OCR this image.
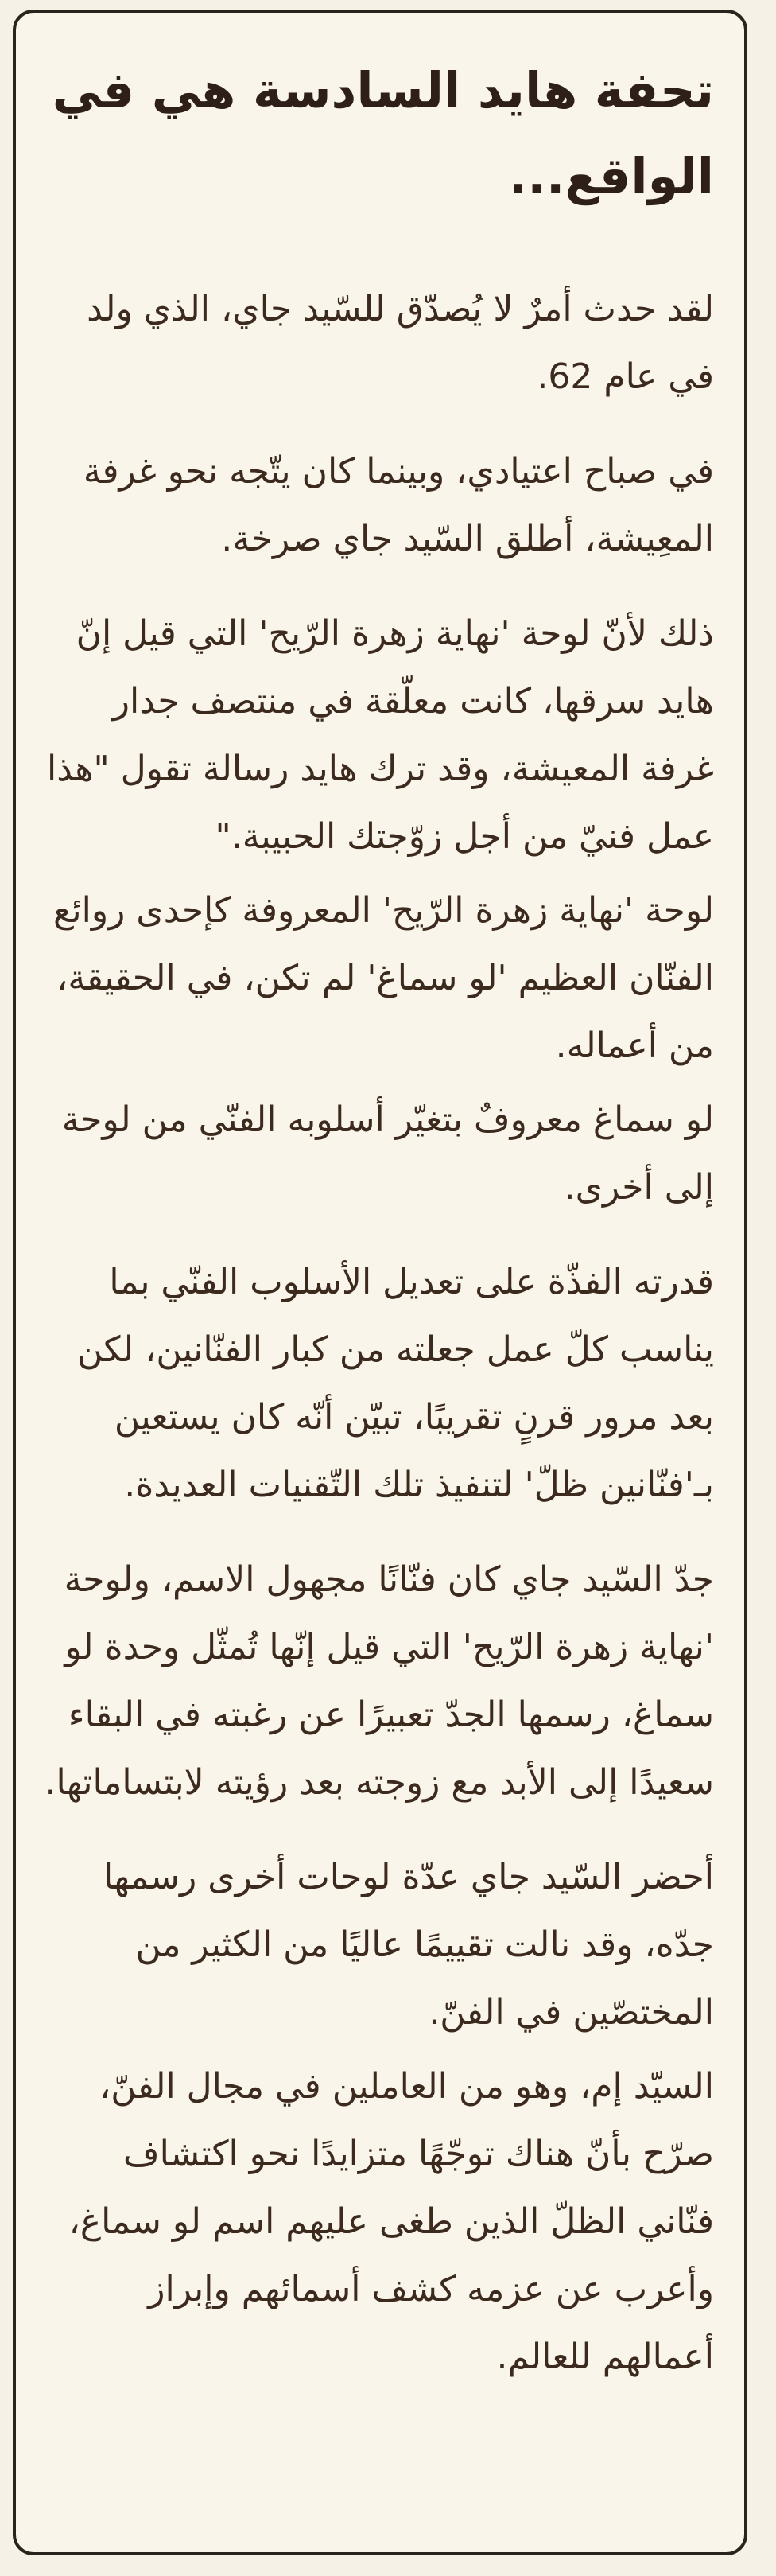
تحفة هايد السادسة هي في الواقع...

لقد حدث أمرٌ لا يُصدّق للسّيد جاي، الذي ولد في عام 62.

في صباح اعتيادي، وبينما كان يتّجه نحو غرفة المعِيشة، أطلق السّيد جاي صرخة.

ذلك لأنّ لوحة 'نهاية زهرة الرّيح' التي قيل إنّ هايد سرقها، كانت معلّقة في منتصف جدار غرفة المعيشة، وقد ترك هايد رسالة تقول "هذا عمل فنيّ من أجل زوّجتك الحبيبة."

لوحة 'نهاية زهرة الرّيح' المعروفة كإحدى روائع الفنّان العظيم 'لو سماغ' لم تكن، في الحقيقة، من أعماله.

لو سماغ معروفٌ بتغيّر أسلوبه الفنّي من لوحة إلى أخرى.

قدرته الفذّة على تعديل الأسلوب الفنّي بما يناسب كلّ عمل جعلته من كبار الفنّانين، لكن بعد مرور قرنٍ تقريبًا، تبيّن أنّه كان يستعين بـ'فنّانين ظلّ' لتنفيذ تلك التّقنيات العديدة.

جدّ السّيد جاي كان فنّانًا مجهول الاسم، ولوحة 'نهاية زهرة الرّيح' التي قيل إنّها تُمثّل وحدة لو سماغ، رسمها الجدّ تعبيرًا عن رغبته في البقاء سعيدًا إلى الأبد مع زوجته بعد رؤيته لابتساماتها.

أحضر السّيد جاي عدّة لوحات أخرى رسمها جدّه، وقد نالت تقييمًا عاليًا من الكثير من المختصّين في الفنّ.

السيّد إم، وهو من العاملين في مجال الفنّ، صرّح بأنّ هناك توجّهًا متزايدًا نحو اكتشاف فنّاني الظلّ الذين طغى عليهم اسم لو سماغ، وأعرب عن عزمه كشف أسمائهم وإبراز أعمالهم للعالم.
